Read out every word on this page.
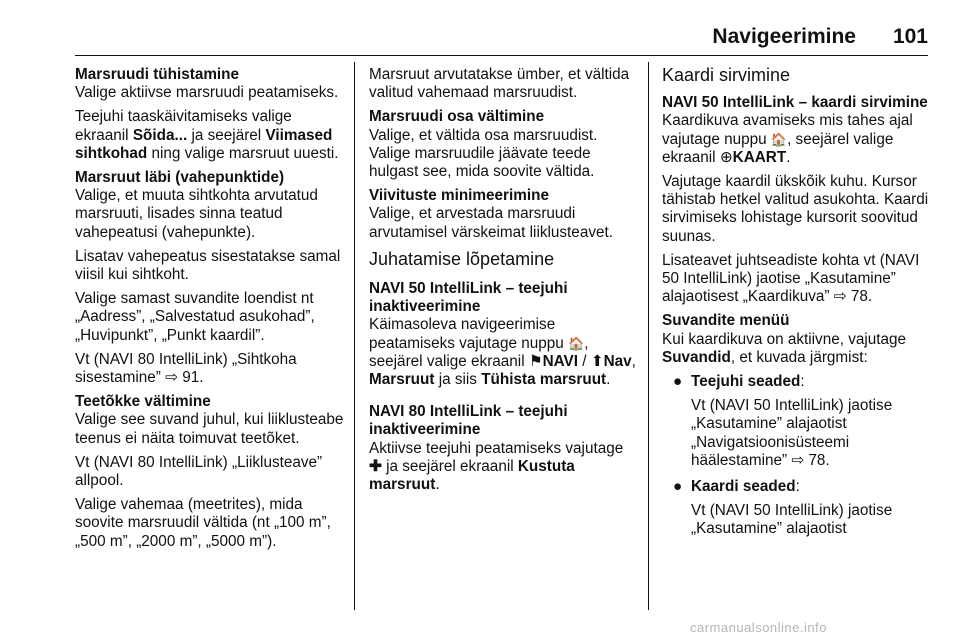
Navigeerimine 101
Marsruudi tühistamine

Valige aktiivse marsruudi peatamiseks.

Teejuhi taaskäivitamiseks valige ekraanil Sõida... ja seejärel Viimased sihtkohad ning valige marsruut uuesti.

Marsruut läbi (vahepunktide)

Valige, et muuta sihtkohta arvutatud marsruuti, lisades sinna teatud vahepeatusi (vahepunkte).

Lisatav vahepeatus sisestatakse samal viisil kui sihtkoht.

Valige samast suvandite loendist nt „Aadress”, „Salvestatud asukohad”, „Huvipunkt”, „Punkt kaardil”.

Vt (NAVI 80 IntelliLink) „Sihtkoha sisestamine” ⇨ 91.

Teetõkke vältimine

Valige see suvand juhul, kui liiklusteabe teenus ei näita toimuvat teetõket.

Vt (NAVI 80 IntelliLink) „Liiklusteave” allpool.

Valige vahemaa (meetrites), mida soovite marsruudil vältida (nt „100 m”, „500 m”, „2000 m”, „5000 m”).

Marsruut arvutatakse ümber, et vältida valitud vahemaad marsruudist.

Marsruudi osa vältimine

Valige, et vältida osa marsruudist. Valige marsruudile jäävate teede hulgast see, mida soovite vältida.

Viivituste minimeerimine

Valige, et arvestada marsruudi arvutamisel värskeimat liiklusteavet.

Juhatamise lõpetamine
NAVI 50 IntelliLink – teejuhi inaktiveerimine

Käimasoleva navigeerimise peatamiseks vajutage nuppu 🏠, seejärel valige ekraanil ⚑NAVI / ⬆Nav, Marsruut ja siis Tühista marsruut.

NAVI 80 IntelliLink – teejuhi inaktiveerimine

Aktiivse teejuhi peatamiseks vajutage ✚ ja seejärel ekraanil Kustuta marsruut.

Kaardi sirvimine
NAVI 50 IntelliLink – kaardi sirvimine

Kaardikuva avamiseks mis tahes ajal vajutage nuppu 🏠, seejärel valige ekraanil ⊕KAART.

Vajutage kaardil ükskõik kuhu. Kursor tähistab hetkel valitud asukohta. Kaardi sirvimiseks lohistage kursorit soovitud suunas.

Lisateavet juhtseadiste kohta vt (NAVI 50 IntelliLink) jaotise „Kasutamine” alajaotisest „Kaardikuva” ⇨ 78.

Suvandite menüü

Kui kaardikuva on aktiivne, vajutage Suvandid, et kuvada järgmist:

● Teejuhi seaded:
Vt (NAVI 50 IntelliLink) jaotise „Kasutamine” alajaotist „Navigatsioonisüsteemi häälestamine” ⇨ 78.
● Kaardi seaded:
Vt (NAVI 50 IntelliLink) jaotise „Kasutamine” alajaotist
carmanualsonline.info
